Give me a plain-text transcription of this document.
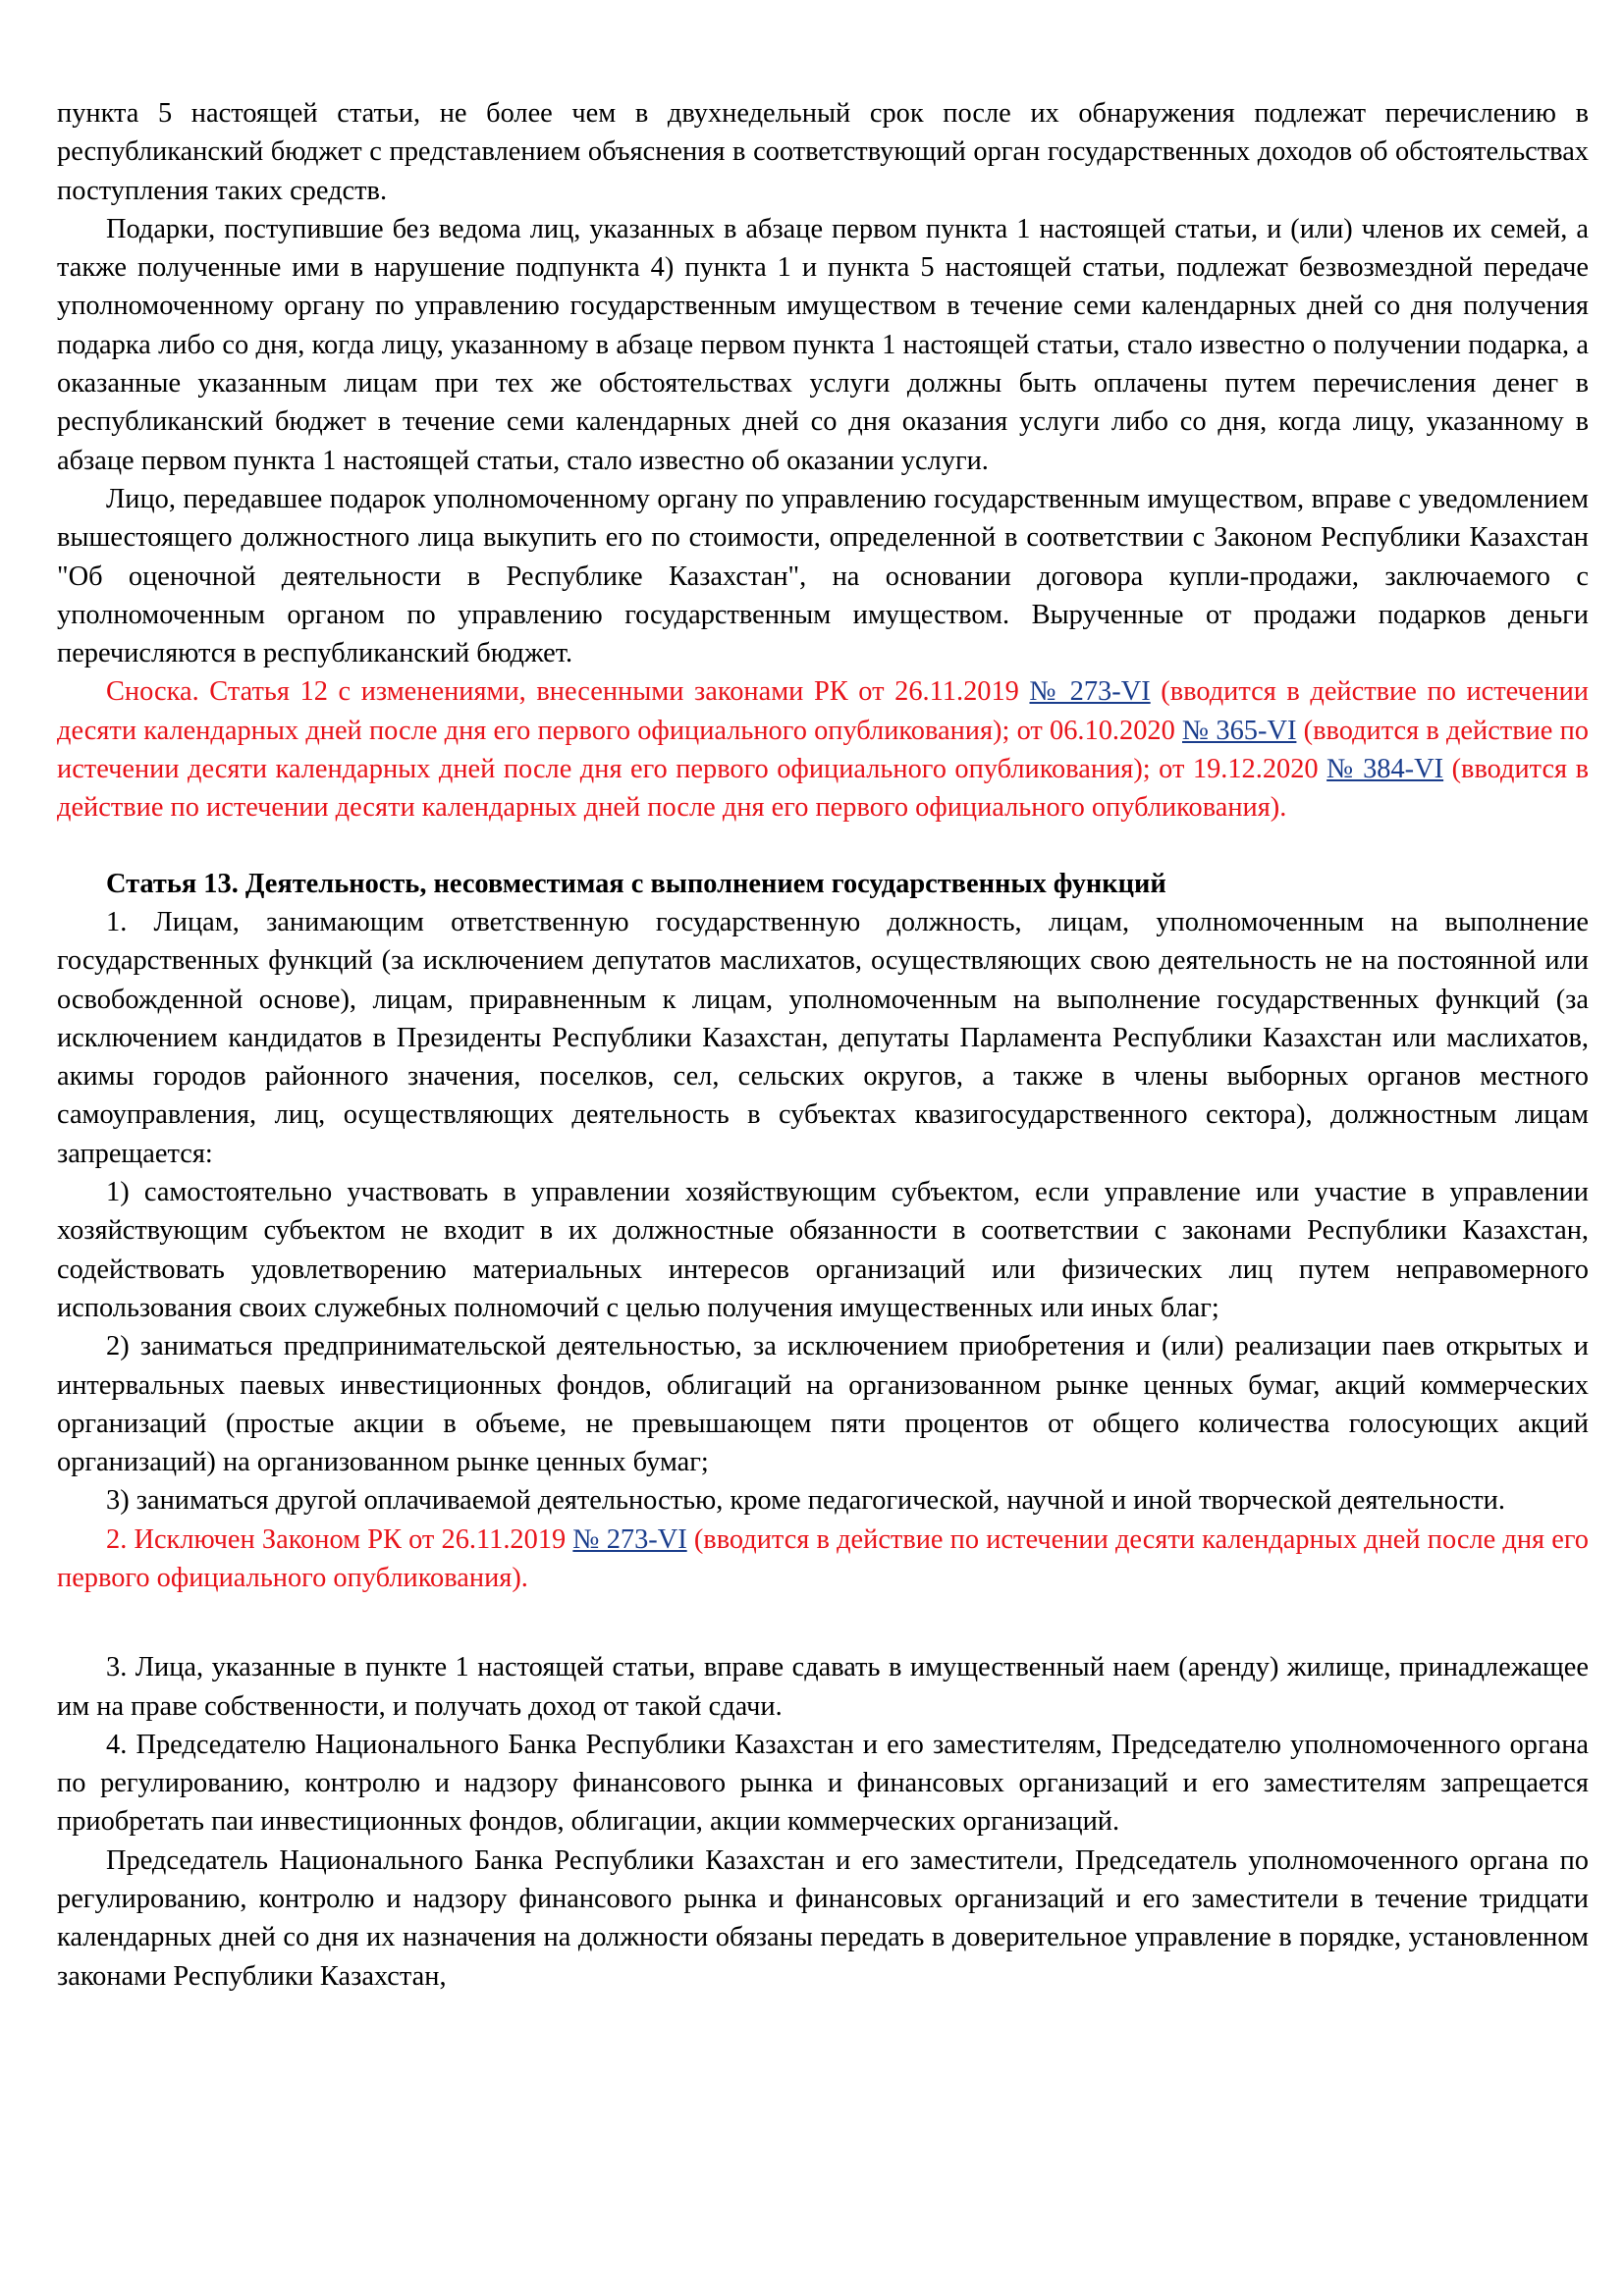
пункта 5 настоящей статьи, не более чем в двухнедельный срок после их обнаружения подлежат перечислению в республиканский бюджет с представлением объяснения в соответствующий орган государственных доходов об обстоятельствах поступления таких средств.

Подарки, поступившие без ведома лиц, указанных в абзаце первом пункта 1 настоящей статьи, и (или) членов их семей, а также полученные ими в нарушение подпункта 4) пункта 1 и пункта 5 настоящей статьи, подлежат безвозмездной передаче уполномоченному органу по управлению государственным имуществом в течение семи календарных дней со дня получения подарка либо со дня, когда лицу, указанному в абзаце первом пункта 1 настоящей статьи, стало известно о получении подарка, а оказанные указанным лицам при тех же обстоятельствах услуги должны быть оплачены путем перечисления денег в республиканский бюджет в течение семи календарных дней со дня оказания услуги либо со дня, когда лицу, указанному в абзаце первом пункта 1 настоящей статьи, стало известно об оказании услуги.

Лицо, передавшее подарок уполномоченному органу по управлению государственным имуществом, вправе с уведомлением вышестоящего должностного лица выкупить его по стоимости, определенной в соответствии с Законом Республики Казахстан "Об оценочной деятельности в Республике Казахстан", на основании договора купли-продажи, заключаемого с уполномоченным органом по управлению государственным имуществом. Вырученные от продажи подарков деньги перечисляются в республиканский бюджет.

Сноска. Статья 12 с изменениями, внесенными законами РК от 26.11.2019 № 273-VI (вводится в действие по истечении десяти календарных дней после дня его первого официального опубликования); от 06.10.2020 № 365-VI (вводится в действие по истечении десяти календарных дней после дня его первого официального опубликования); от 19.12.2020 № 384-VI (вводится в действие по истечении десяти календарных дней после дня его первого официального опубликования).

Статья 13. Деятельность, несовместимая с выполнением государственных функций

1. Лицам, занимающим ответственную государственную должность, лицам, уполномоченным на выполнение государственных функций (за исключением депутатов маслихатов, осуществляющих свою деятельность не на постоянной или освобожденной основе), лицам, приравненным к лицам, уполномоченным на выполнение государственных функций (за исключением кандидатов в Президенты Республики Казахстан, депутаты Парламента Республики Казахстан или маслихатов, акимы городов районного значения, поселков, сел, сельских округов, а также в члены выборных органов местного самоуправления, лиц, осуществляющих деятельность в субъектах квазигосударственного сектора), должностным лицам запрещается:

1) самостоятельно участвовать в управлении хозяйствующим субъектом, если управление или участие в управлении хозяйствующим субъектом не входит в их должностные обязанности в соответствии с законами Республики Казахстан, содействовать удовлетворению материальных интересов организаций или физических лиц путем неправомерного использования своих служебных полномочий с целью получения имущественных или иных благ;

2) заниматься предпринимательской деятельностью, за исключением приобретения и (или) реализации паев открытых и интервальных паевых инвестиционных фондов, облигаций на организованном рынке ценных бумаг, акций коммерческих организаций (простые акции в объеме, не превышающем пяти процентов от общего количества голосующих акций организаций) на организованном рынке ценных бумаг;

3) заниматься другой оплачиваемой деятельностью, кроме педагогической, научной и иной творческой деятельности.

2. Исключен Законом РК от 26.11.2019 № 273-VI (вводится в действие по истечении десяти календарных дней после дня его первого официального опубликования).

3. Лица, указанные в пункте 1 настоящей статьи, вправе сдавать в имущественный наем (аренду) жилище, принадлежащее им на праве собственности, и получать доход от такой сдачи.

4. Председателю Национального Банка Республики Казахстан и его заместителям, Председателю уполномоченного органа по регулированию, контролю и надзору финансового рынка и финансовых организаций и его заместителям запрещается приобретать паи инвестиционных фондов, облигации, акции коммерческих организаций.

Председатель Национального Банка Республики Казахстан и его заместители, Председатель уполномоченного органа по регулированию, контролю и надзору финансового рынка и финансовых организаций и его заместители в течение тридцати календарных дней со дня их назначения на должности обязаны передать в доверительное управление в порядке, установленном законами Республики Казахстан,
